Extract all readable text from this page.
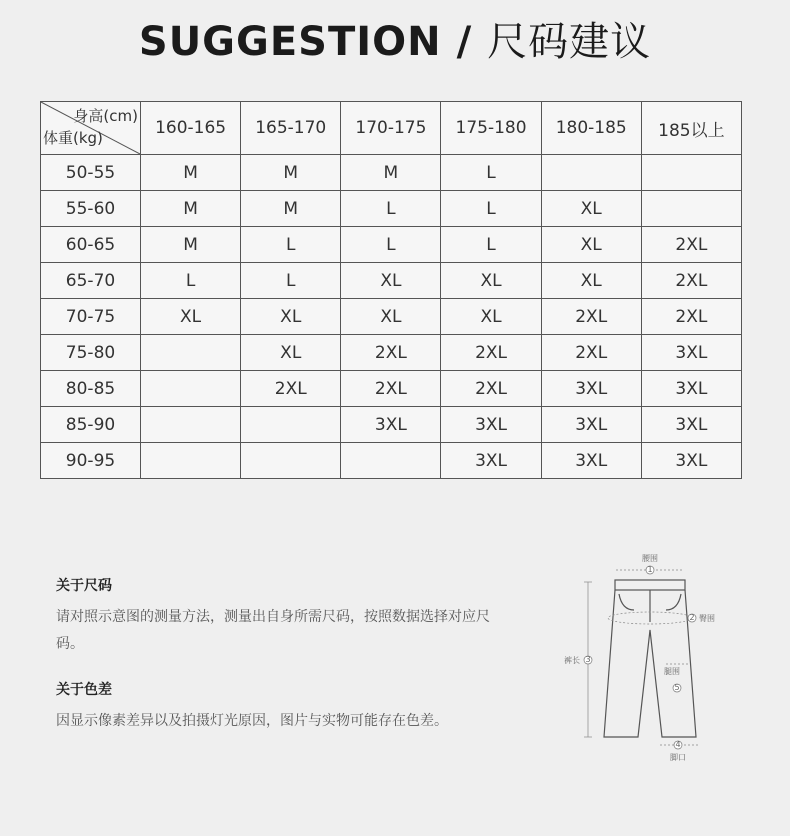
SUGGESTION / 尺码建议
身高(cm)
体重(kg)	160-165	165-170	170-175	175-180	180-185	185以上
50-55	M	M	M	L		
55-60	M	M	L	L	XL	
60-65	M	L	L	L	XL	2XL
65-70	L	L	XL	XL	XL	2XL
70-75	XL	XL	XL	XL	2XL	2XL
75-80		XL	2XL	2XL	2XL	3XL
80-85		2XL	2XL	2XL	3XL	3XL
85-90			3XL	3XL	3XL	3XL
90-95				3XL	3XL	3XL
关于尺码

请对照示意图的测量方法，测量出自身所需尺码，按照数据选择对应尺码。

关于色差

因显示像素差异以及拍摄灯光原因，图片与实物可能存在色差。

1
2
3
5
4
腰围
臀围
裤长
腿围
脚口
